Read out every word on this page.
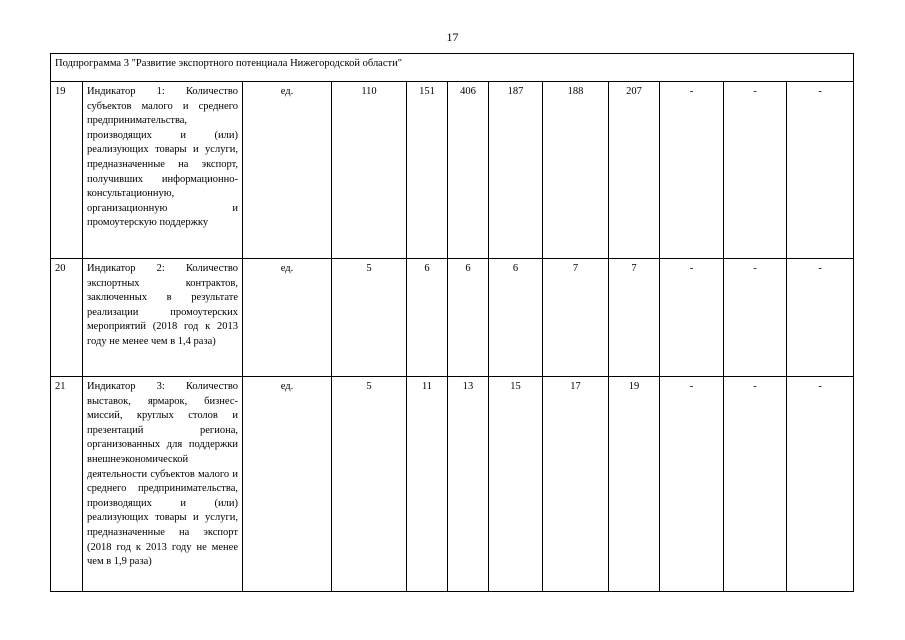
17
Подпрограмма 3 "Развитие экспортного потенциала Нижегородской области"											
19	Индикатор 1: Количество субъектов малого и среднего предпринимательства, производящих и (или) реализующих товары и услуги, предназначенные на экспорт, получивших информационно-консультационную, организационную и промоутерскую поддержку	ед.	110	151	406	187	188	207	-	-	-
20	Индикатор 2: Количество экспортных контрактов, заключенных в результате реализации промоутерских мероприятий (2018 год к 2013 году не менее чем в 1,4 раза)	ед.	5	6	6	6	7	7	-	-	-
21	Индикатор 3: Количество выставок, ярмарок, бизнес-миссий, круглых столов и презентаций региона, организованных для поддержки внешнеэкономической деятельности субъектов малого и среднего предпринимательства, производящих и (или) реализующих товары и услуги, предназначенные на экспорт (2018 год к 2013 году не менее чем в 1,9 раза)	ед.	5	11	13	15	17	19	-	-	-
